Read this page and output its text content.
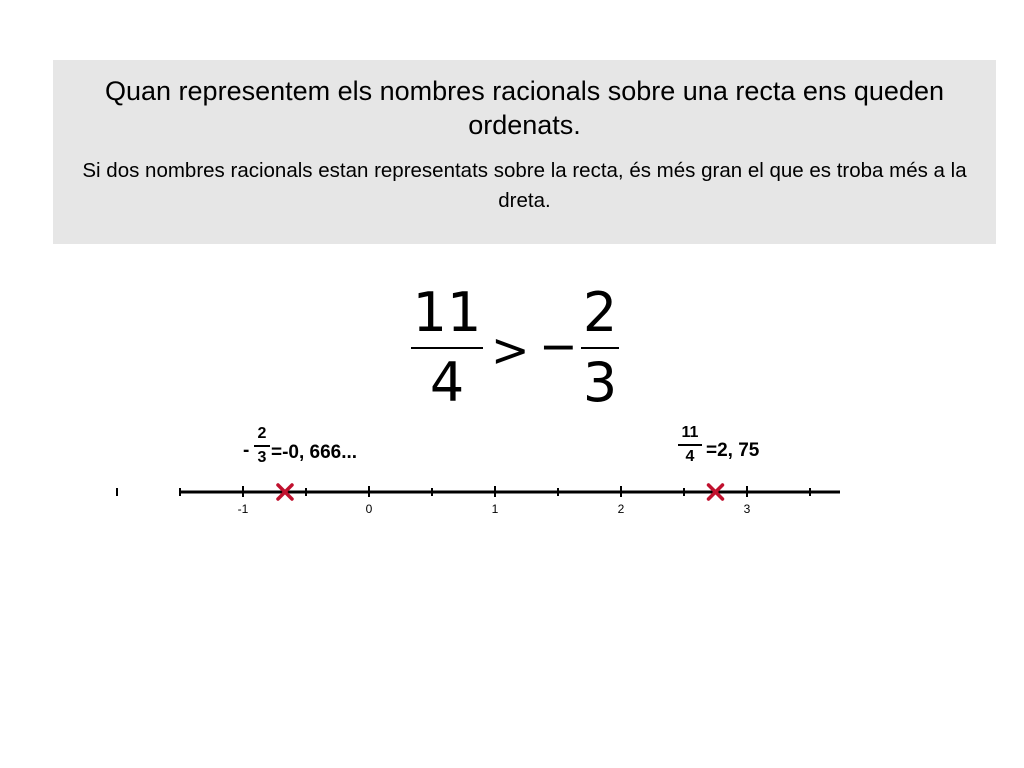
Quan representem els nombres racionals sobre una recta ens queden ordenats.

Si dos nombres racionals estan representats sobre la recta, és més gran el que es troba més a la dreta.

11
4
> −
2
3
-
2
3 =-0, 666...
11
4 =2, 75
-1	0	1	2	3
